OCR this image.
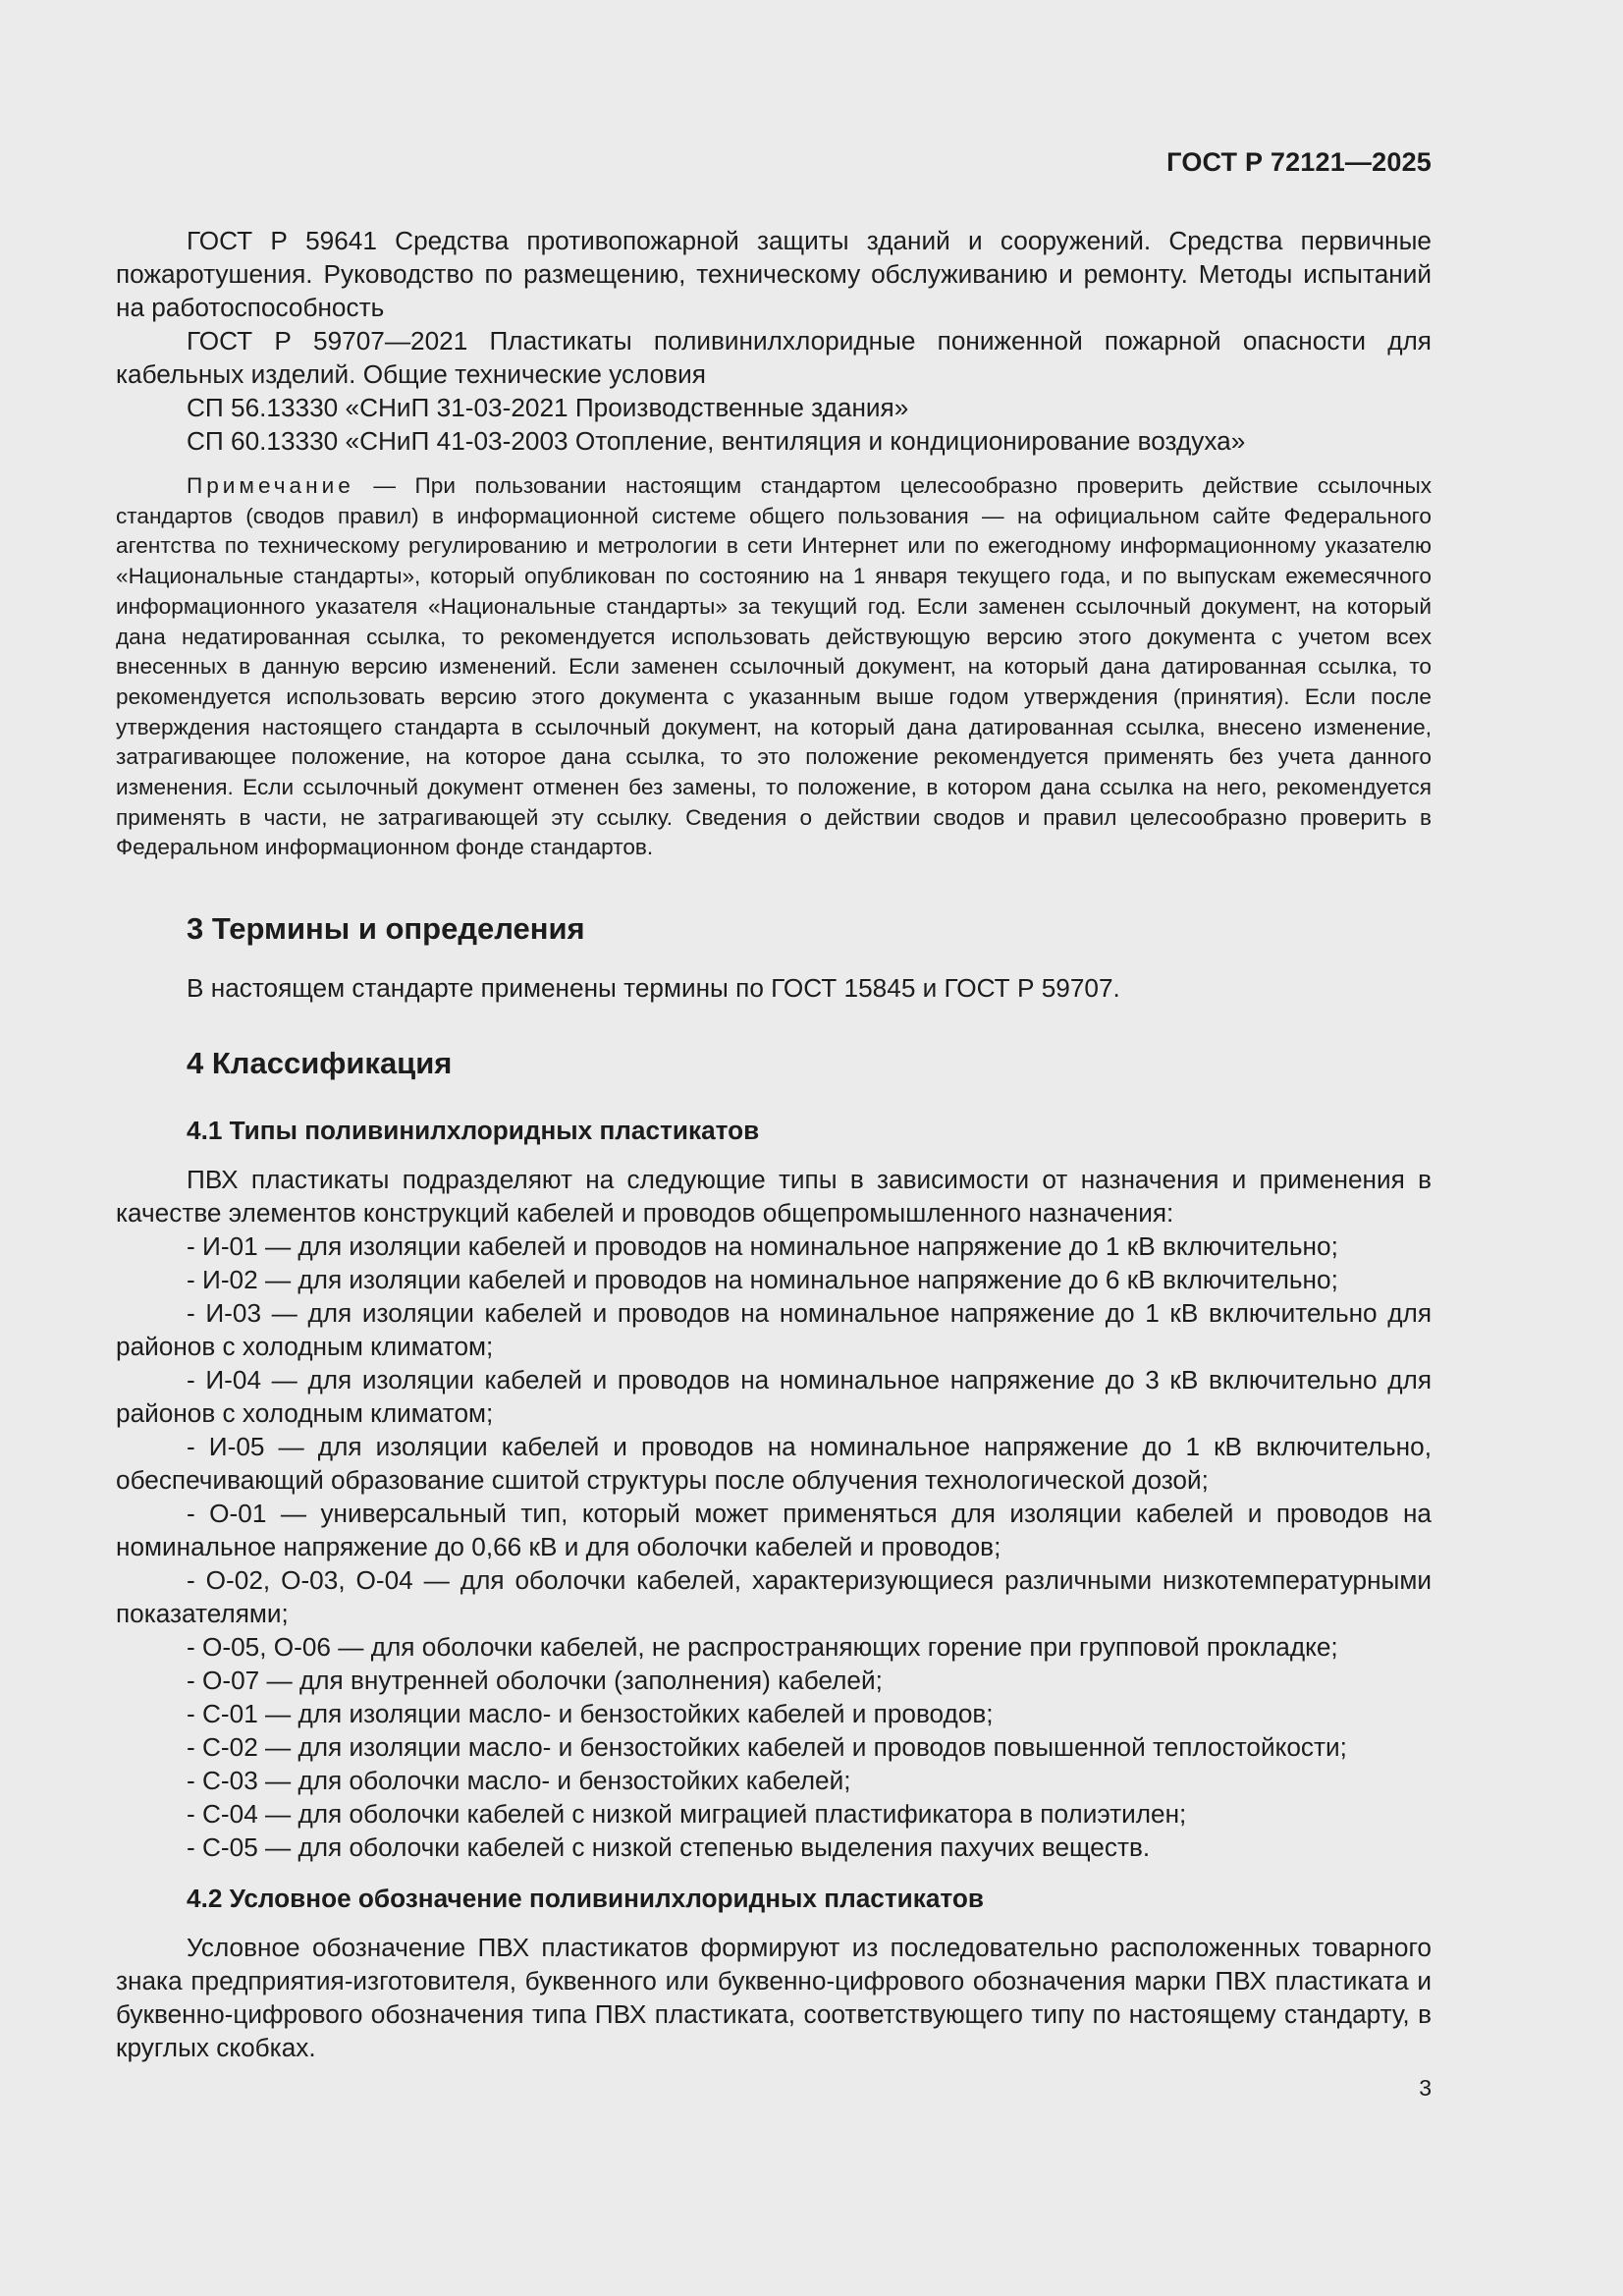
ГОСТ Р 72121—2025

ГОСТ Р 59641 Средства противопожарной защиты зданий и сооружений. Средства первичные пожаротушения. Руководство по размещению, техническому обслуживанию и ремонту. Методы испытаний на работоспособность

ГОСТ Р 59707—2021 Пластикаты поливинилхлоридные пониженной пожарной опасности для кабельных изделий. Общие технические условия

СП 56.13330 «СНиП 31-03-2021 Производственные здания»

СП 60.13330 «СНиП 41-03-2003 Отопление, вентиляция и кондиционирование воздуха»

Примечание — При пользовании настоящим стандартом целесообразно проверить действие ссылочных стандартов (сводов правил) в информационной системе общего пользования — на официальном сайте Федерального агентства по техническому регулированию и метрологии в сети Интернет или по ежегодному информационному указателю «Национальные стандарты», который опубликован по состоянию на 1 января текущего года, и по выпускам ежемесячного информационного указателя «Национальные стандарты» за текущий год. Если заменен ссылочный документ, на который дана недатированная ссылка, то рекомендуется использовать действующую версию этого документа с учетом всех внесенных в данную версию изменений. Если заменен ссылочный документ, на который дана датированная ссылка, то рекомендуется использовать версию этого документа с указанным выше годом утверждения (принятия). Если после утверждения настоящего стандарта в ссылочный документ, на который дана датированная ссылка, внесено изменение, затрагивающее положение, на которое дана ссылка, то это положение рекомендуется применять без учета данного изменения. Если ссылочный документ отменен без замены, то положение, в котором дана ссылка на него, рекомендуется применять в части, не затрагивающей эту ссылку. Сведения о действии сводов и правил целесообразно проверить в Федеральном информационном фонде стандартов.

3 Термины и определения

В настоящем стандарте применены термины по ГОСТ 15845 и ГОСТ Р 59707.

4 Классификация
4.1 Типы поливинилхлоридных пластикатов

ПВХ пластикаты подразделяют на следующие типы в зависимости от назначения и применения в качестве элементов конструкций кабелей и проводов общепромышленного назначения:

- И-01 — для изоляции кабелей и проводов на номинальное напряжение до 1 кВ включительно;

- И-02 — для изоляции кабелей и проводов на номинальное напряжение до 6 кВ включительно;

- И-03 — для изоляции кабелей и проводов на номинальное напряжение до 1 кВ включительно для районов с холодным климатом;

- И-04 — для изоляции кабелей и проводов на номинальное напряжение до 3 кВ включительно для районов с холодным климатом;

- И-05 — для изоляции кабелей и проводов на номинальное напряжение до 1 кВ включительно, обеспечивающий образование сшитой структуры после облучения технологической дозой;

- О-01 — универсальный тип, который может применяться для изоляции кабелей и проводов на номинальное напряжение до 0,66 кВ и для оболочки кабелей и проводов;

- О-02, О-03, О-04 — для оболочки кабелей, характеризующиеся различными низкотемпературными показателями;

- О-05, О-06 — для оболочки кабелей, не распространяющих горение при групповой прокладке;

- О-07 — для внутренней оболочки (заполнения) кабелей;

- С-01 — для изоляции масло- и бензостойких кабелей и проводов;

- С-02 — для изоляции масло- и бензостойких кабелей и проводов повышенной теплостойкости;

- С-03 — для оболочки масло- и бензостойких кабелей;

- С-04 — для оболочки кабелей с низкой миграцией пластификатора в полиэтилен;

- С-05 — для оболочки кабелей с низкой степенью выделения пахучих веществ.

4.2 Условное обозначение поливинилхлоридных пластикатов

Условное обозначение ПВХ пластикатов формируют из последовательно расположенных товарного знака предприятия-изготовителя, буквенного или буквенно-цифрового обозначения марки ПВХ пластиката и буквенно-цифрового обозначения типа ПВХ пластиката, соответствующего типу по настоящему стандарту, в круглых скобках.

3
